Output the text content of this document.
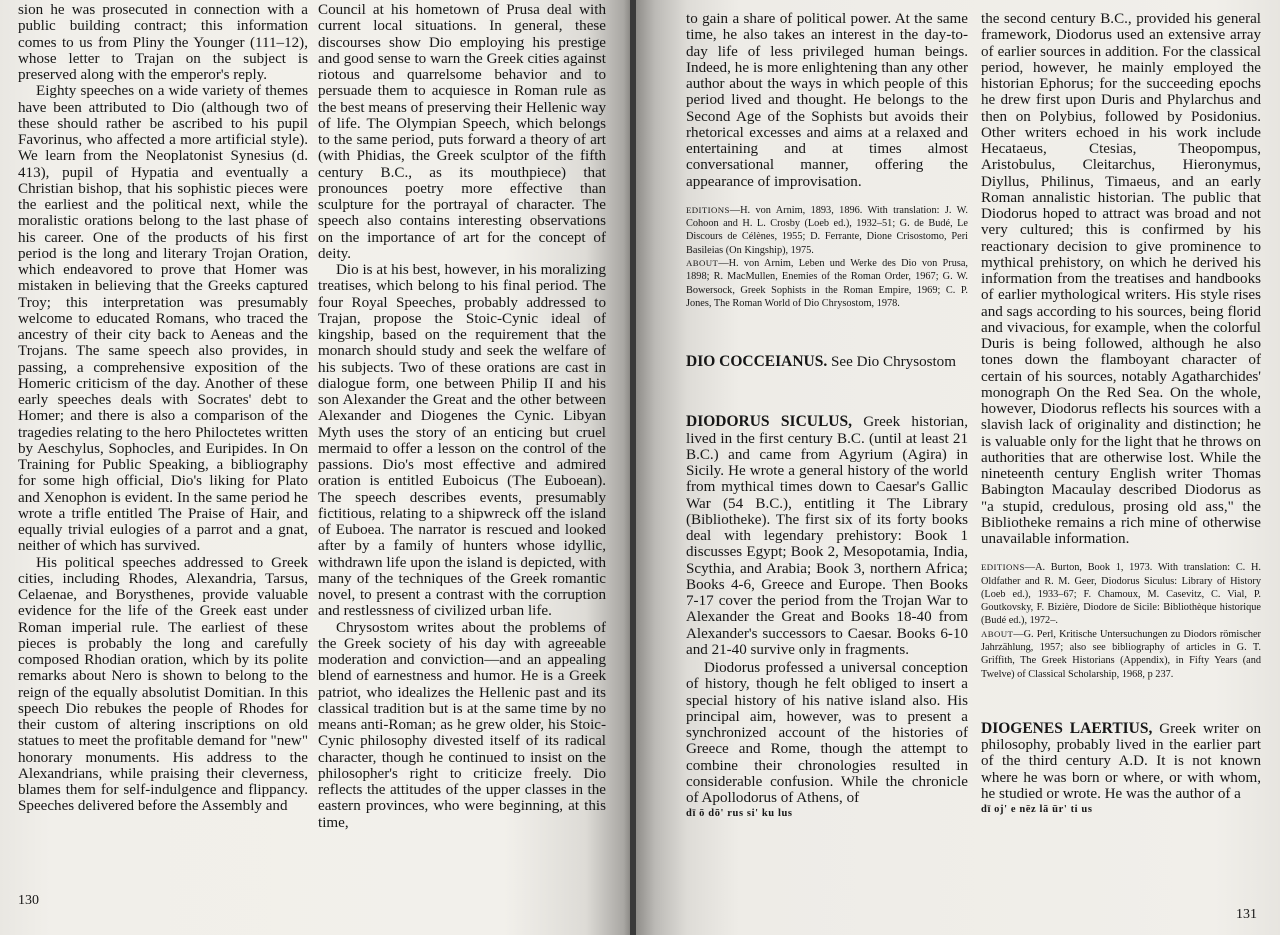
sion he was prosecuted in connection with a public building contract; this information comes to us from Pliny the Younger (111–12), whose letter to Trajan on the subject is preserved along with the emperor's reply.

Eighty speeches on a wide variety of themes have been attributed to Dio (although two of these should rather be ascribed to his pupil Favorinus, who affected a more artificial style). We learn from the Neoplatonist Synesius (d. 413), pupil of Hypatia and eventually a Christian bishop, that his sophistic pieces were the earliest and the political next, while the moralistic orations belong to the last phase of his career. One of the products of his first period is the long and literary Trojan Oration, which endeavored to prove that Homer was mistaken in believing that the Greeks captured Troy; this interpretation was presumably welcome to educated Romans, who traced the ancestry of their city back to Aeneas and the Trojans. The same speech also provides, in passing, a comprehensive exposition of the Homeric criticism of the day. Another of these early speeches deals with Socrates' debt to Homer; and there is also a comparison of the tragedies relating to the hero Philoctetes written by Aeschylus, Sophocles, and Euripides. In On Training for Public Speaking, a bibliography for some high official, Dio's liking for Plato and Xenophon is evident. In the same period he wrote a trifle entitled The Praise of Hair, and equally trivial eulogies of a parrot and a gnat, neither of which has survived.

His political speeches addressed to Greek cities, including Rhodes, Alexandria, Tarsus, Celaenae, and Borysthenes, provide valuable evidence for the life of the Greek east under Roman imperial rule. The earliest of these pieces is probably the long and carefully composed Rhodian oration, which by its polite remarks about Nero is shown to belong to the reign of the equally absolutist Domitian. In this speech Dio rebukes the people of Rhodes for their custom of altering inscriptions on old statues to meet the profitable demand for "new" honorary monuments. His address to the Alexandrians, while praising their cleverness, blames them for self-indulgence and flippancy. Speeches delivered before the Assembly and

Council at his hometown of Prusa deal with current local situations. In general, these discourses show Dio employing his prestige and good sense to warn the Greek cities against riotous and quarrelsome behavior and to persuade them to acquiesce in Roman rule as the best means of preserving their Hellenic way of life. The Olympian Speech, which belongs to the same period, puts forward a theory of art (with Phidias, the Greek sculptor of the fifth century B.C., as its mouthpiece) that pronounces poetry more effective than sculpture for the portrayal of character. The speech also contains interesting observations on the importance of art for the concept of deity.

Dio is at his best, however, in his moralizing treatises, which belong to his final period. The four Royal Speeches, probably addressed to Trajan, propose the Stoic-Cynic ideal of kingship, based on the requirement that the monarch should study and seek the welfare of his subjects. Two of these orations are cast in dialogue form, one between Philip II and his son Alexander the Great and the other between Alexander and Diogenes the Cynic. Libyan Myth uses the story of an enticing but cruel mermaid to offer a lesson on the control of the passions. Dio's most effective and admired oration is entitled Euboicus (The Euboean). The speech describes events, presumably fictitious, relating to a shipwreck off the island of Euboea. The narrator is rescued and looked after by a family of hunters whose idyllic, withdrawn life upon the island is depicted, with many of the techniques of the Greek romantic novel, to present a contrast with the corruption and restlessness of civilized urban life.

Chrysostom writes about the problems of the Greek society of his day with agreeable moderation and conviction—and an appealing blend of earnestness and humor. He is a Greek patriot, who idealizes the Hellenic past and its classical tradition but is at the same time by no means anti-Roman; as he grew older, his Stoic-Cynic philosophy divested itself of its radical character, though he continued to insist on the philosopher's right to criticize freely. Dio reflects the attitudes of the upper classes in the eastern provinces, who were beginning, at this time,

130

to gain a share of political power. At the same time, he also takes an interest in the day-to-day life of less privileged human beings. Indeed, he is more enlightening than any other author about the ways in which people of this period lived and thought. He belongs to the Second Age of the Sophists but avoids their rhetorical excesses and aims at a relaxed and entertaining and at times almost conversational manner, offering the appearance of improvisation.

EDITIONS—H. von Arnim, 1893, 1896. With translation: J. W. Cohoon and H. L. Crosby (Loeb ed.), 1932–51; G. de Budé, Le Discours de Célènes, 1955; D. Ferrante, Dione Crisostomo, Peri Basileias (On Kingship), 1975.

ABOUT—H. von Arnim, Leben und Werke des Dio von Prusa, 1898; R. MacMullen, Enemies of the Roman Order, 1967; G. W. Bowersock, Greek Sophists in the Roman Empire, 1969; C. P. Jones, The Roman World of Dio Chrysostom, 1978.

DIO COCCEIANUS. See Dio Chrysostom

DIODORUS SICULUS, Greek historian, lived in the first century B.C. (until at least 21 B.C.) and came from Agyrium (Agira) in Sicily. He wrote a general history of the world from mythical times down to Caesar's Gallic War (54 B.C.), entitling it The Library (Bibliotheke). The first six of its forty books deal with legendary prehistory: Book 1 discusses Egypt; Book 2, Mesopotamia, India, Scythia, and Arabia; Book 3, northern Africa; Books 4-6, Greece and Europe. Then Books 7-17 cover the period from the Trojan War to Alexander the Great and Books 18-40 from Alexander's successors to Caesar. Books 6-10 and 21-40 survive only in fragments.

Diodorus professed a universal conception of history, though he felt obliged to insert a special history of his native island also. His principal aim, however, was to present a synchronized account of the histories of Greece and Rome, though the attempt to combine their chronologies resulted in considerable confusion. While the chronicle of Apollodorus of Athens, of

dī ō dō' rus si' ku lus

the second century B.C., provided his general framework, Diodorus used an extensive array of earlier sources in addition. For the classical period, however, he mainly employed the historian Ephorus; for the succeeding epochs he drew first upon Duris and Phylarchus and then on Polybius, followed by Posidonius. Other writers echoed in his work include Hecataeus, Ctesias, Theopompus, Aristobulus, Cleitarchus, Hieronymus, Diyllus, Philinus, Timaeus, and an early Roman annalistic historian. The public that Diodorus hoped to attract was broad and not very cultured; this is confirmed by his reactionary decision to give prominence to mythical prehistory, on which he derived his information from the treatises and handbooks of earlier mythological writers. His style rises and sags according to his sources, being florid and vivacious, for example, when the colorful Duris is being followed, although he also tones down the flamboyant character of certain of his sources, notably Agatharchides' monograph On the Red Sea. On the whole, however, Diodorus reflects his sources with a slavish lack of originality and distinction; he is valuable only for the light that he throws on authorities that are otherwise lost. While the nineteenth century English writer Thomas Babington Macaulay described Diodorus as "a stupid, credulous, prosing old ass," the Bibliotheke remains a rich mine of otherwise unavailable information.

EDITIONS—A. Burton, Book 1, 1973. With translation: C. H. Oldfather and R. M. Geer, Diodorus Siculus: Library of History (Loeb ed.), 1933–67; F. Chamoux, M. Casevitz, C. Vial, P. Goutkovsky, F. Bizière, Diodore de Sicile: Bibliothèque historique (Budé ed.), 1972–.

ABOUT—G. Perl, Kritische Untersuchungen zu Diodors römischer Jahrzählung, 1957; also see bibliography of articles in G. T. Griffith, The Greek Historians (Appendix), in Fifty Years (and Twelve) of Classical Scholarship, 1968, p 237.

DIOGENES LAERTIUS, Greek writer on philosophy, probably lived in the earlier part of the third century A.D. It is not known where he was born or where, or with whom, he studied or wrote. He was the author of a

dī oj' e nēz lā ūr' ti us
131
